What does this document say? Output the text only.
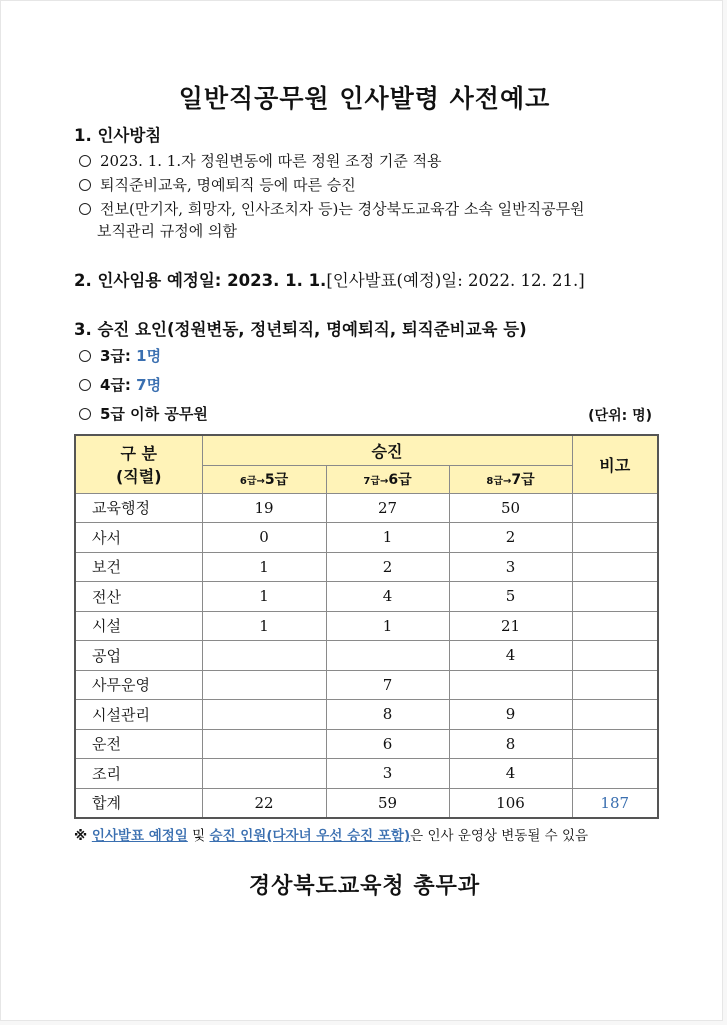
일반직공무원 인사발령 사전예고
1. 인사방침
2023. 1. 1.자 정원변동에 따른 정원 조정 기준 적용
퇴직준비교육, 명예퇴직 등에 따른 승진
전보(만기자, 희망자, 인사조치자 등)는 경상북도교육감 소속 일반직공무원
보직관리 규정에 의함
2. 인사임용 예정일: 2023. 1. 1.[인사발표(예정)일: 2022. 12. 21.]
3. 승진 요인(정원변동, 정년퇴직, 명예퇴직, 퇴직준비교육 등)
3급: 1명
4급: 7명
5급 이하 공무원	(단위: 명)
구 분
(직렬)	승진			비고
	6급→5급	7급→6급	8급→7급	
교육행정	19	27	50	
사서	0	1	2	
보건	1	2	3	
전산	1	4	5	
시설	1	1	21	
공업			4	
사무운영		7		
시설관리		8	9	
운전		6	8	
조리		3	4	
합계	22	59	106	187
※ 인사발표 예정일 및 승진 인원(다자녀 우선 승진 포함)은 인사 운영상 변동될 수 있음
경상북도교육청 총무과
